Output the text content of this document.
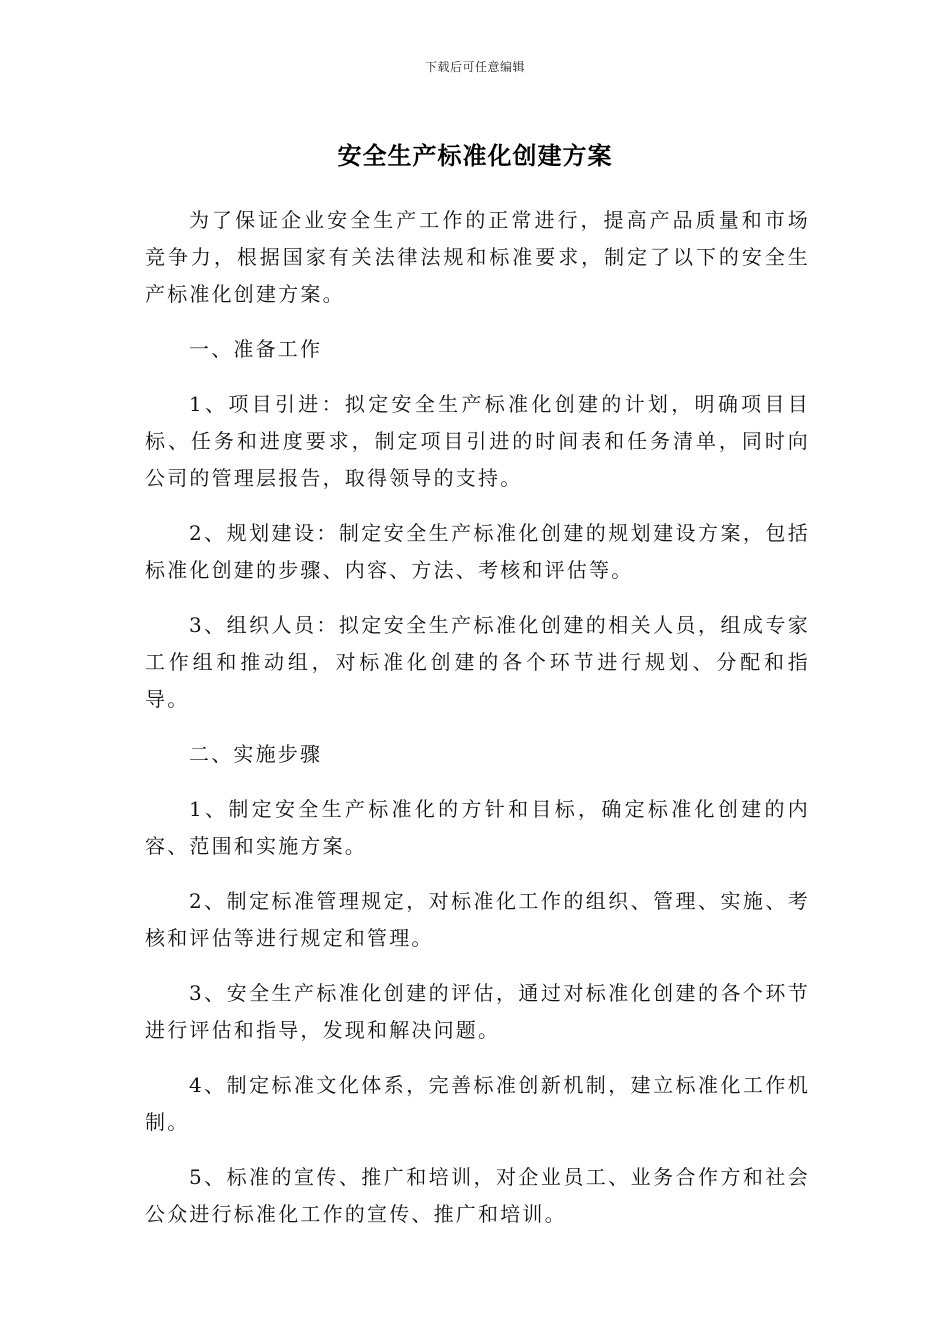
下载后可任意编辑
安全生产标准化创建方案

为了保证企业安全生产工作的正常进行，提高产品质量和市场竞争力，根据国家有关法律法规和标准要求，制定了以下的安全生产标准化创建方案。

一、准备工作

1、项目引进：拟定安全生产标准化创建的计划，明确项目目标、任务和进度要求，制定项目引进的时间表和任务清单，同时向公司的管理层报告，取得领导的支持。

2、规划建设：制定安全生产标准化创建的规划建设方案，包括标准化创建的步骤、内容、方法、考核和评估等。

3、组织人员：拟定安全生产标准化创建的相关人员，组成专家工作组和推动组，对标准化创建的各个环节进行规划、分配和指导。

二、实施步骤

1、制定安全生产标准化的方针和目标，确定标准化创建的内容、范围和实施方案。

2、制定标准管理规定，对标准化工作的组织、管理、实施、考核和评估等进行规定和管理。

3、安全生产标准化创建的评估，通过对标准化创建的各个环节进行评估和指导，发现和解决问题。

4、制定标准文化体系，完善标准创新机制，建立标准化工作机制。

5、标准的宣传、推广和培训，对企业员工、业务合作方和社会公众进行标准化工作的宣传、推广和培训。
